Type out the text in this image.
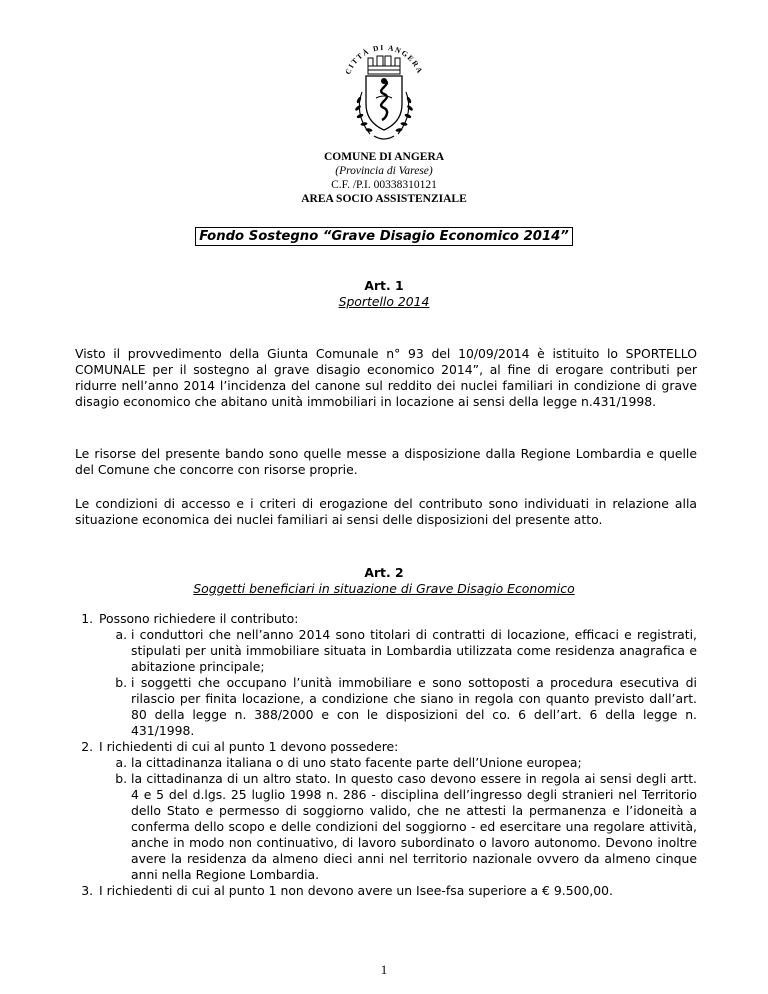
CITTÀ DI ANGERA
COMUNE DI ANGERA
(Provincia di Varese)
C.F. /P.I. 00338310121
AREA SOCIO ASSISTENZIALE
Fondo Sostegno “Grave Disagio Economico 2014”
Art. 1
Sportello 2014
Visto il provvedimento della Giunta Comunale n° 93 del 10/09/2014 è istituito lo SPORTELLO COMUNALE per il sostegno al grave disagio economico 2014”, al fine di erogare contributi per ridurre nell’anno 2014 l’incidenza del canone sul reddito dei nuclei familiari in condizione di grave disagio economico che abitano unità immobiliari in locazione ai sensi della legge n.431/1998.
Le risorse del presente bando sono quelle messe a disposizione dalla Regione Lombardia e quelle del Comune che concorre con risorse proprie.
Le condizioni di accesso e i criteri di erogazione del contributo sono individuati in relazione alla situazione economica dei nuclei familiari ai sensi delle disposizioni del presente atto.
Art. 2
Soggetti beneficiari in situazione di Grave Disagio Economico
1. Possono richiedere il contributo:
a. i conduttori che nell’anno 2014 sono titolari di contratti di locazione, efficaci e registrati, stipulati per unità immobiliare situata in Lombardia utilizzata come residenza anagrafica e abitazione principale;
b. i soggetti che occupano l’unità immobiliare e sono sottoposti a procedura esecutiva di rilascio per finita locazione, a condizione che siano in regola con quanto previsto dall’art. 80 della legge n. 388/2000 e con le disposizioni del co. 6 dell’art. 6 della legge n. 431/1998.
2. I richiedenti di cui al punto 1 devono possedere:
a. la cittadinanza italiana o di uno stato facente parte dell’Unione europea;
b. la cittadinanza di un altro stato. In questo caso devono essere in regola ai sensi degli artt. 4 e 5 del d.lgs. 25 luglio 1998 n. 286 - disciplina dell’ingresso degli stranieri nel Territorio dello Stato e permesso di soggiorno valido, che ne attesti la permanenza e l’idoneità a conferma dello scopo e delle condizioni del soggiorno - ed esercitare una regolare attività, anche in modo non continuativo, di lavoro subordinato o lavoro autonomo. Devono inoltre avere la residenza da almeno dieci anni nel territorio nazionale ovvero da almeno cinque anni nella Regione Lombardia.
3. I richiedenti di cui al punto 1 non devono avere un Isee-fsa superiore a € 9.500,00.
1
